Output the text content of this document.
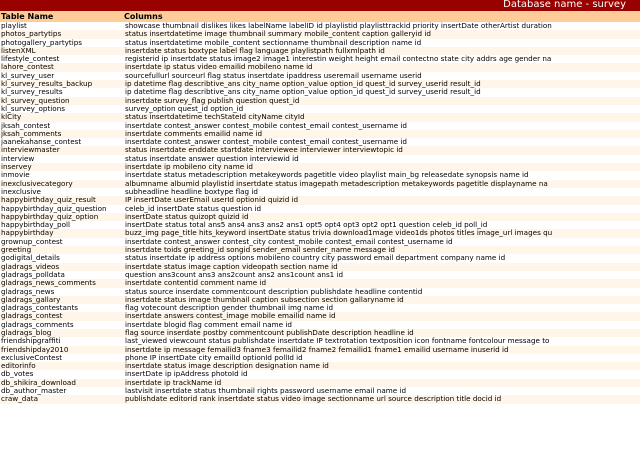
Database name - survey
Table Name	Columns
playlist	showcase thumbnail dislikes likes labelName labelID id playlistid playlisttrackid priority insertDate otherArtist duration
photos_partytips	status insertdatetime image thumbnail summary mobile_content caption galleryid id
photogallery_partytips	status insertdatetime mobile_content sectionname thumbnail description name id
listenXML	insertdate status boxtype label flag language playlistpath fullxmlpath id
lifestyle_contest	registerid ip insertdate status image2 image1 interestin weight height email contectno state city addrs age gender na
lahore_contest	insertdate ip status video emailid mobileno name id
kl_survey_user	sourcefullurl sourceurl flag status insertdate ipaddress useremail username userid
kl_survey_results_backup	ip datetime flag describtive_ans city_name option_value option_id quest_id survey_userid result_id
kl_survey_results	ip datetime flag describtive_ans city_name option_value option_id quest_id survey_userid result_id
kl_survey_question	insertdate survey_flag publish question quest_id
kl_survey_options	survey_option quest_id option_id
klCity	status insertdatetime techStateId cityName cityId
jksah_contest	insertdate contest_answer contest_mobile contest_email contest_username id
jksah_comments	insertdate comments emailid name id
jaanekahanse_contest	insertdate contest_answer contest_mobile contest_email contest_username id
interviewmaster	status insertdate enddate startdate interviewee interviewer interviewtopic id
interview	status insertdate answer question interviewid id
inservey	insertdate ip mobileno city name id
inmovie	insertdate status metadescription metakeywords pagetitle video playlist main_bg releasedate synopsis name id
inexclusivecategory	albumname albumid playlistid insertdate status imagepath metadescription metakeywords pagetitle displayname na
inexclusive	subheadline headline boxtype flag id
happybirthday_quiz_result	IP insertDate userEmail userId optionid quizid id
happybirthday_quiz_question	celeb_id insertDate status question id
happybirthday_quiz_option	insertDate status quizopt quizid id
happybirthday_poll	insertDate status total ans5 ans4 ans3 ans2 ans1 opt5 opt4 opt3 opt2 opt1 question celeb_id poll_id
happybirthday	buzz_img page_title hits_keyword insertDate status trivia download1mage video1ds photos titles image_url images qu
grownup_contest	insertdate contest_answer contest_city contest_mobile contest_email contest_username id
greeting	insertdate toids greeting_id songid sender_email sender_name message id
godigital_details	status insertdate ip address options mobileno country city password email department company name id
gladrags_videos	insertdate status image caption videopath section name id
gladrags_polldata	question ans3count ans3 ans2count ans2 ans1count ans1 id
gladrags_news_comments	insertdate contentid comment name id
gladrags_news	status source inserdate commentcount description publishdate headline contentid
gladrags_gallary	insertdate status image thumbnail caption subsection section gallaryname id
gladrags_contestants	flag votecount description gender thumbnail img name id
gladrags_contest	insertdate answers contest_image mobile emailid name id
gladrags_comments	insertdate blogid flag comment email name id
gladrags_blog	flag source inserdate postby commentcount publishDate description headline id
friendshipgraffiti	last_viewed viewcount status publishdate insertdate IP textrotation textposition icon fontname fontcolour message to
friendshipday2010	insertdate ip message femailid3 fname3 femailid2 fname2 femailid1 fname1 emailid username inuserid id
exclusiveContest	phone IP insertDate city emailId optionId pollId id
editorinfo	insertdate status image description designation name id
db_votes	insertDate ip ipAddress photoId id
db_shikira_download	insertdate ip trackName id
db_author_master	lastvisit insertdate status thumbnail rights password username email name id
craw_data	publishdate editorid rank insertdate status video image sectionname url source description title docid id
